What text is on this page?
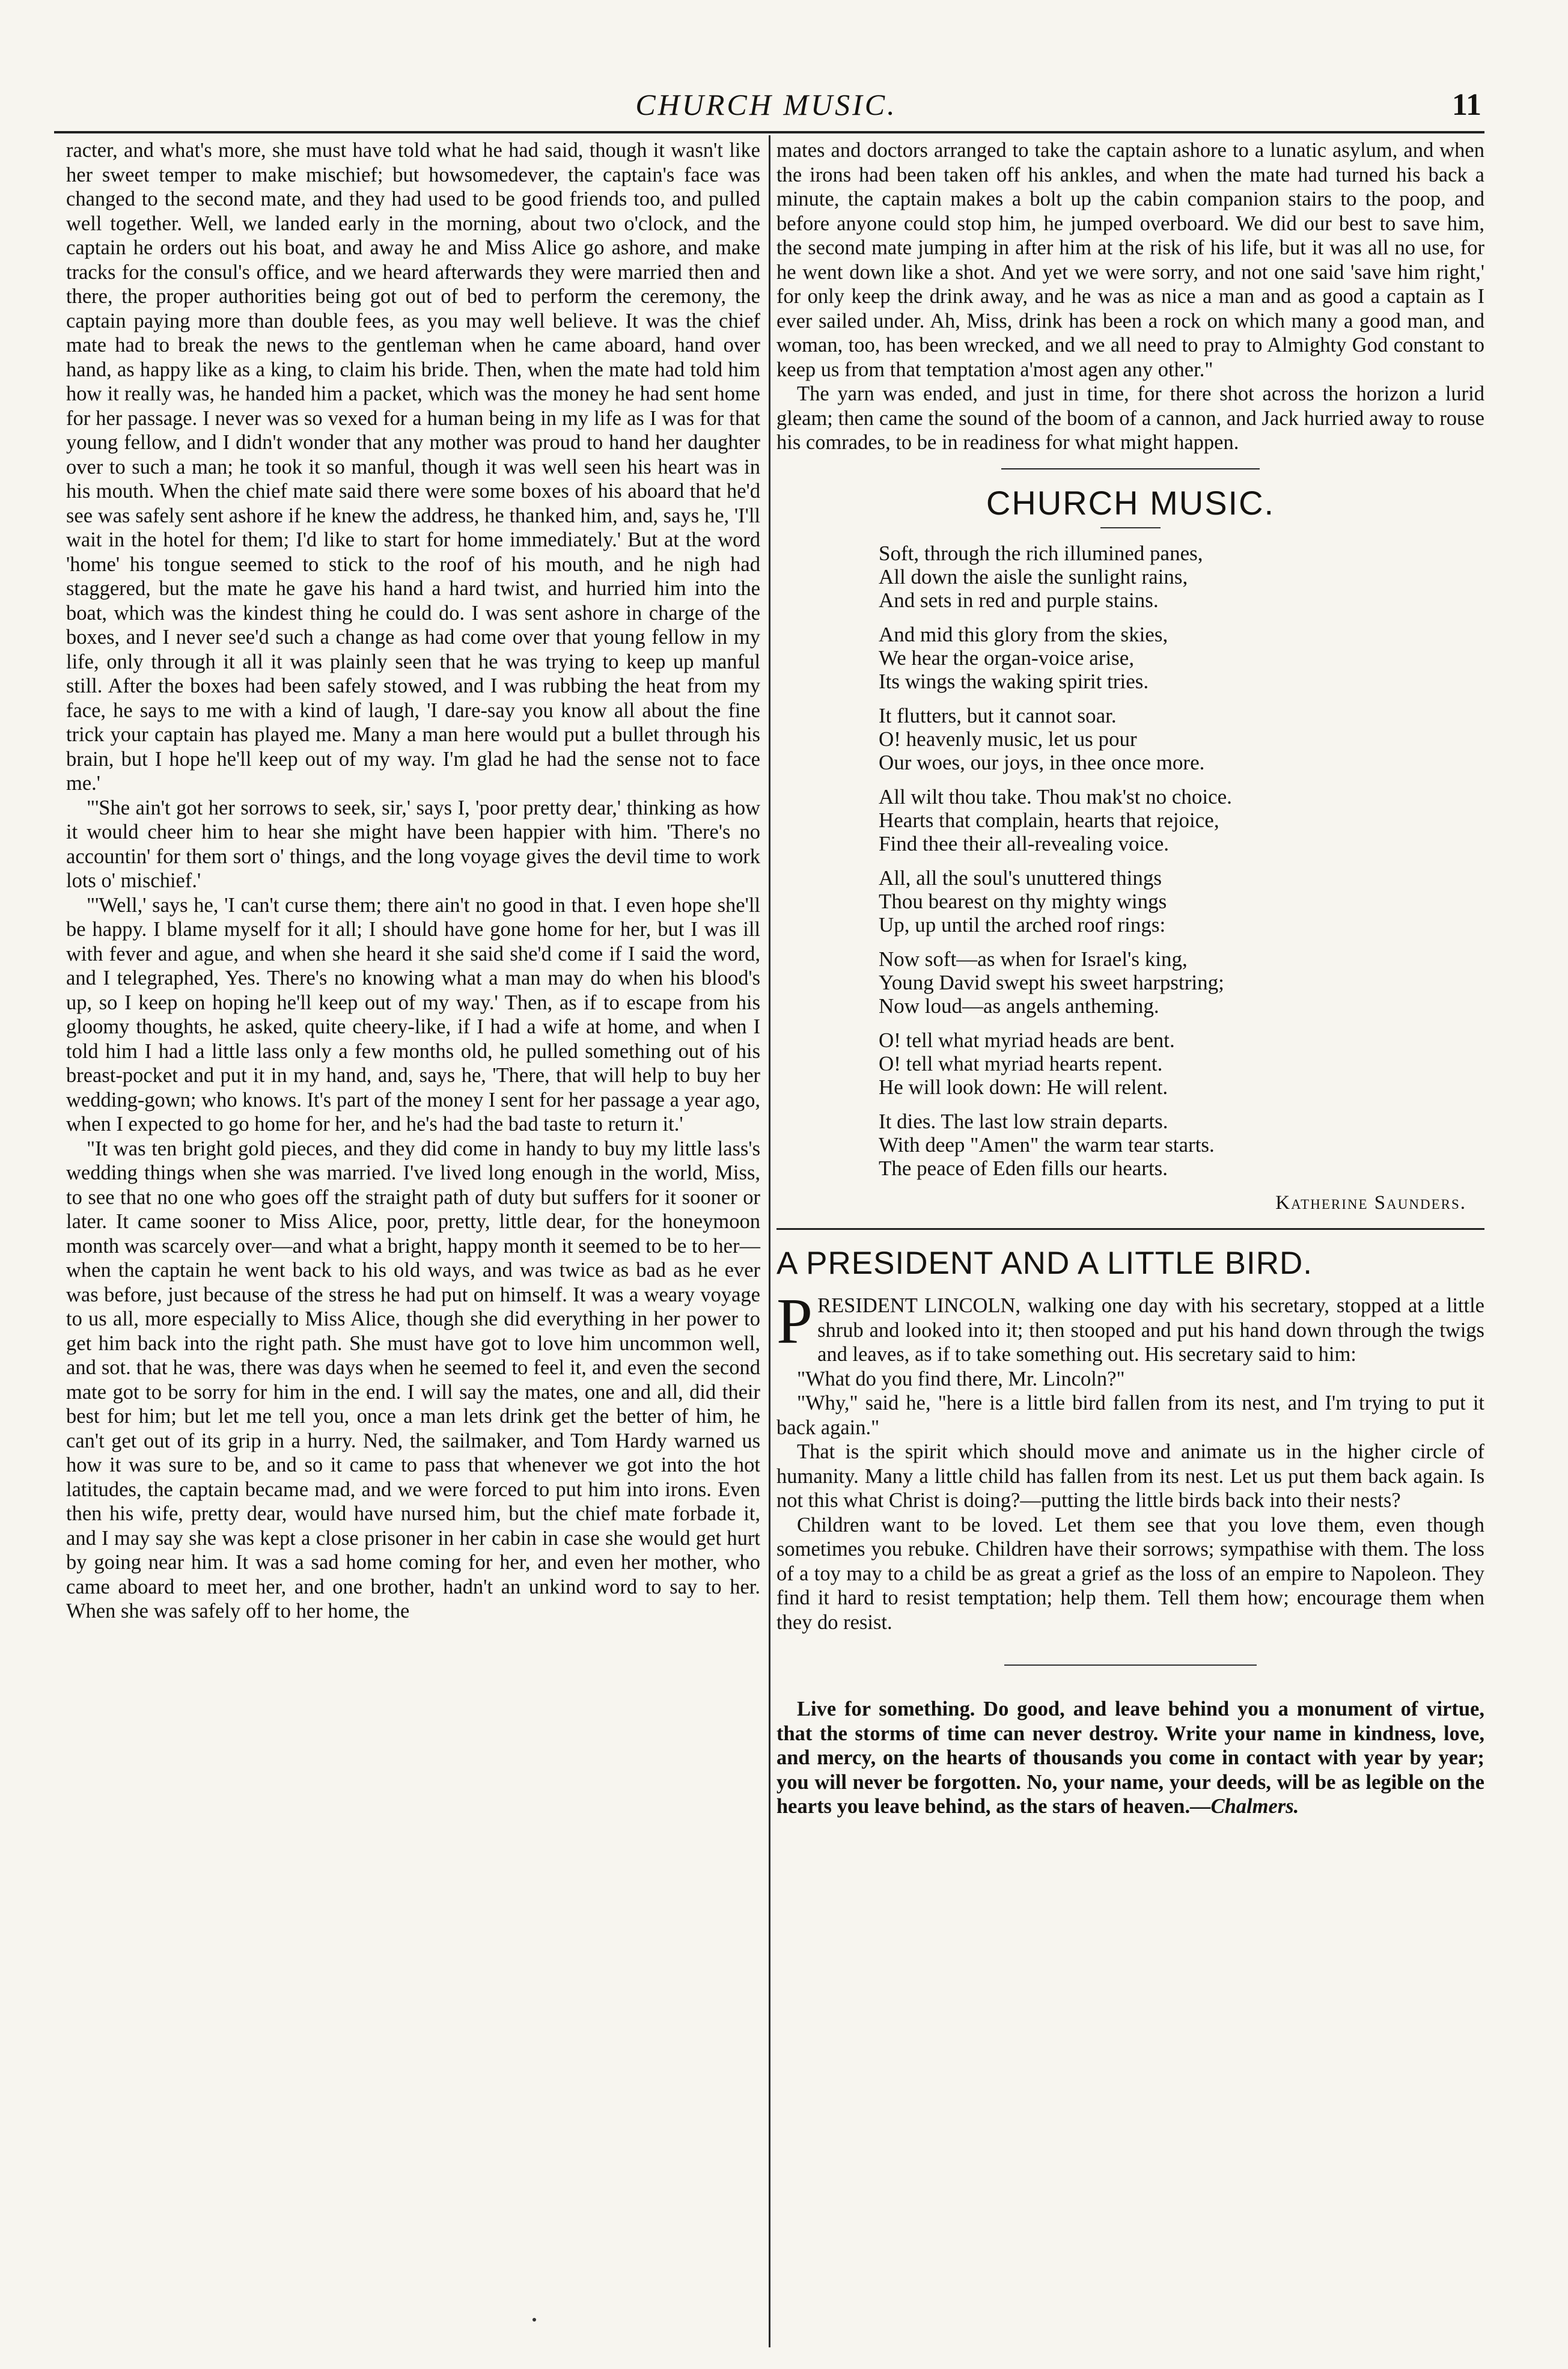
CHURCH MUSIC.	11

racter, and what's more, she must have told what he had said, though it wasn't like her sweet temper to make mischief; but howsomedever, the captain's face was changed to the second mate, and they had used to be good friends too, and pulled well together. Well, we landed early in the morning, about two o'clock, and the captain he orders out his boat, and away he and Miss Alice go ashore, and make tracks for the consul's office, and we heard afterwards they were married then and there, the proper authorities being got out of bed to perform the ceremony, the captain paying more than double fees, as you may well believe. It was the chief mate had to break the news to the gentleman when he came aboard, hand over hand, as happy like as a king, to claim his bride. Then, when the mate had told him how it really was, he handed him a packet, which was the money he had sent home for her passage. I never was so vexed for a human being in my life as I was for that young fellow, and I didn't wonder that any mother was proud to hand her daughter over to such a man; he took it so manful, though it was well seen his heart was in his mouth. When the chief mate said there were some boxes of his aboard that he'd see was safely sent ashore if he knew the address, he thanked him, and, says he, 'I'll wait in the hotel for them; I'd like to start for home immediately.' But at the word 'home' his tongue seemed to stick to the roof of his mouth, and he nigh had staggered, but the mate he gave his hand a hard twist, and hurried him into the boat, which was the kindest thing he could do. I was sent ashore in charge of the boxes, and I never see'd such a change as had come over that young fellow in my life, only through it all it was plainly seen that he was trying to keep up manful still. After the boxes had been safely stowed, and I was rubbing the heat from my face, he says to me with a kind of laugh, 'I dare-say you know all about the fine trick your captain has played me. Many a man here would put a bullet through his brain, but I hope he'll keep out of my way. I'm glad he had the sense not to face me.'

"'She ain't got her sorrows to seek, sir,' says I, 'poor pretty dear,' thinking as how it would cheer him to hear she might have been happier with him. 'There's no accountin' for them sort o' things, and the long voyage gives the devil time to work lots o' mischief.'

"'Well,' says he, 'I can't curse them; there ain't no good in that. I even hope she'll be happy. I blame myself for it all; I should have gone home for her, but I was ill with fever and ague, and when she heard it she said she'd come if I said the word, and I telegraphed, Yes. There's no knowing what a man may do when his blood's up, so I keep on hoping he'll keep out of my way.' Then, as if to escape from his gloomy thoughts, he asked, quite cheery-like, if I had a wife at home, and when I told him I had a little lass only a few months old, he pulled something out of his breast-pocket and put it in my hand, and, says he, 'There, that will help to buy her wedding-gown; who knows. It's part of the money I sent for her passage a year ago, when I expected to go home for her, and he's had the bad taste to return it.'

"It was ten bright gold pieces, and they did come in handy to buy my little lass's wedding things when she was married. I've lived long enough in the world, Miss, to see that no one who goes off the straight path of duty but suffers for it sooner or later. It came sooner to Miss Alice, poor, pretty, little dear, for the honeymoon month was scarcely over—and what a bright, happy month it seemed to be to her—when the captain he went back to his old ways, and was twice as bad as he ever was before, just because of the stress he had put on himself. It was a weary voyage to us all, more especially to Miss Alice, though she did everything in her power to get him back into the right path. She must have got to love him uncommon well, and sot. that he was, there was days when he seemed to feel it, and even the second mate got to be sorry for him in the end. I will say the mates, one and all, did their best for him; but let me tell you, once a man lets drink get the better of him, he can't get out of its grip in a hurry. Ned, the sailmaker, and Tom Hardy warned us how it was sure to be, and so it came to pass that whenever we got into the hot latitudes, the captain became mad, and we were forced to put him into irons. Even then his wife, pretty dear, would have nursed him, but the chief mate forbade it, and I may say she was kept a close prisoner in her cabin in case she would get hurt by going near him. It was a sad home coming for her, and even her mother, who came aboard to meet her, and one brother, hadn't an unkind word to say to her. When she was safely off to her home, the

mates and doctors arranged to take the captain ashore to a lunatic asylum, and when the irons had been taken off his ankles, and when the mate had turned his back a minute, the captain makes a bolt up the cabin companion stairs to the poop, and before anyone could stop him, he jumped overboard. We did our best to save him, the second mate jumping in after him at the risk of his life, but it was all no use, for he went down like a shot. And yet we were sorry, and not one said 'save him right,' for only keep the drink away, and he was as nice a man and as good a captain as I ever sailed under. Ah, Miss, drink has been a rock on which many a good man, and woman, too, has been wrecked, and we all need to pray to Almighty God constant to keep us from that temptation a'most agen any other."

The yarn was ended, and just in time, for there shot across the horizon a lurid gleam; then came the sound of the boom of a cannon, and Jack hurried away to rouse his comrades, to be in readiness for what might happen.

CHURCH MUSIC.
Soft, through the rich illumined panes,
All down the aisle the sunlight rains,
And sets in red and purple stains.
And mid this glory from the skies,
We hear the organ-voice arise,
Its wings the waking spirit tries.
It flutters, but it cannot soar.
O! heavenly music, let us pour
Our woes, our joys, in thee once more.
All wilt thou take. Thou mak'st no choice.
Hearts that complain, hearts that rejoice,
Find thee their all-revealing voice.
All, all the soul's unuttered things
Thou bearest on thy mighty wings
Up, up until the arched roof rings:
Now soft—as when for Israel's king,
Young David swept his sweet harpstring;
Now loud—as angels antheming.
O! tell what myriad heads are bent.
O! tell what myriad hearts repent.
He will look down: He will relent.
It dies. The last low strain departs.
With deep "Amen" the warm tear starts.
The peace of Eden fills our hearts.
Katherine Saunders.
A PRESIDENT AND A LITTLE BIRD.

PRESIDENT LINCOLN, walking one day with his secretary, stopped at a little shrub and looked into it; then stooped and put his hand down through the twigs and leaves, as if to take something out. His secretary said to him:

"What do you find there, Mr. Lincoln?"

"Why," said he, "here is a little bird fallen from its nest, and I'm trying to put it back again."

That is the spirit which should move and animate us in the higher circle of humanity. Many a little child has fallen from its nest. Let us put them back again. Is not this what Christ is doing?—putting the little birds back into their nests?

Children want to be loved. Let them see that you love them, even though sometimes you rebuke. Children have their sorrows; sympathise with them. The loss of a toy may to a child be as great a grief as the loss of an empire to Napoleon. They find it hard to resist temptation; help them. Tell them how; encourage them when they do resist.

Live for something. Do good, and leave behind you a monument of virtue, that the storms of time can never destroy. Write your name in kindness, love, and mercy, on the hearts of thousands you come in contact with year by year; you will never be forgotten. No, your name, your deeds, will be as legible on the hearts you leave behind, as the stars of heaven.—Chalmers.
